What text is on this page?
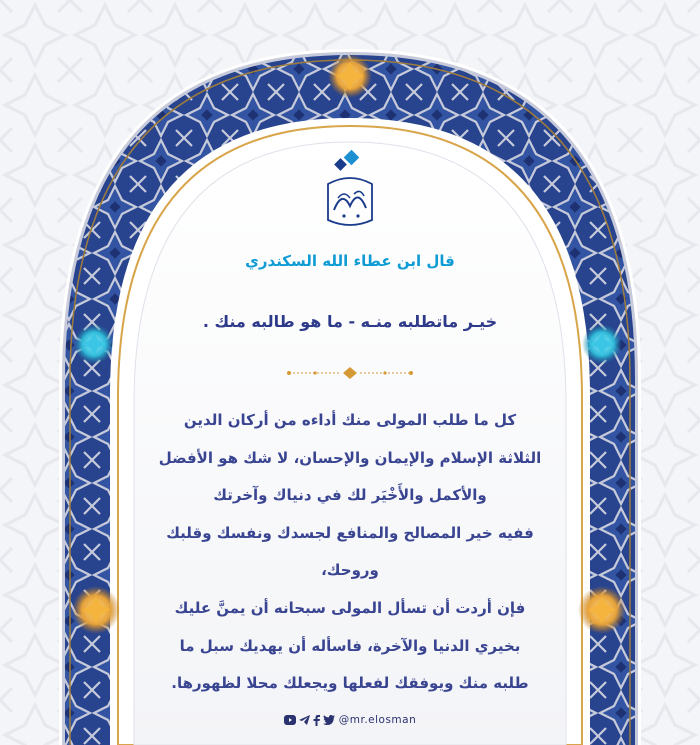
قال ابن عطاء الله السكندري
خيـر ماتطلبه منـه - ما هو طالبه منك .
كل ما طلب المولى منك أداءه من أركان الدين
الثلاثة الإسلام والإيمان والإحسان، لا شك هو الأفضل
والأكمل والأَخْيَر لك في دنياك وآخرتك
ففيه خير المصالح والمنافع لجسدك ونفسك وقلبك
وروحك،
فإن أردت أن تسأل المولى سبحانه أن يمنَّ عليك
بخيري الدنيا والآخرة، فاسأله أن يهديك سبل ما
طلبه منك ويوفقك لفعلها ويجعلك محلا لظهورها.
@mr.elosman
